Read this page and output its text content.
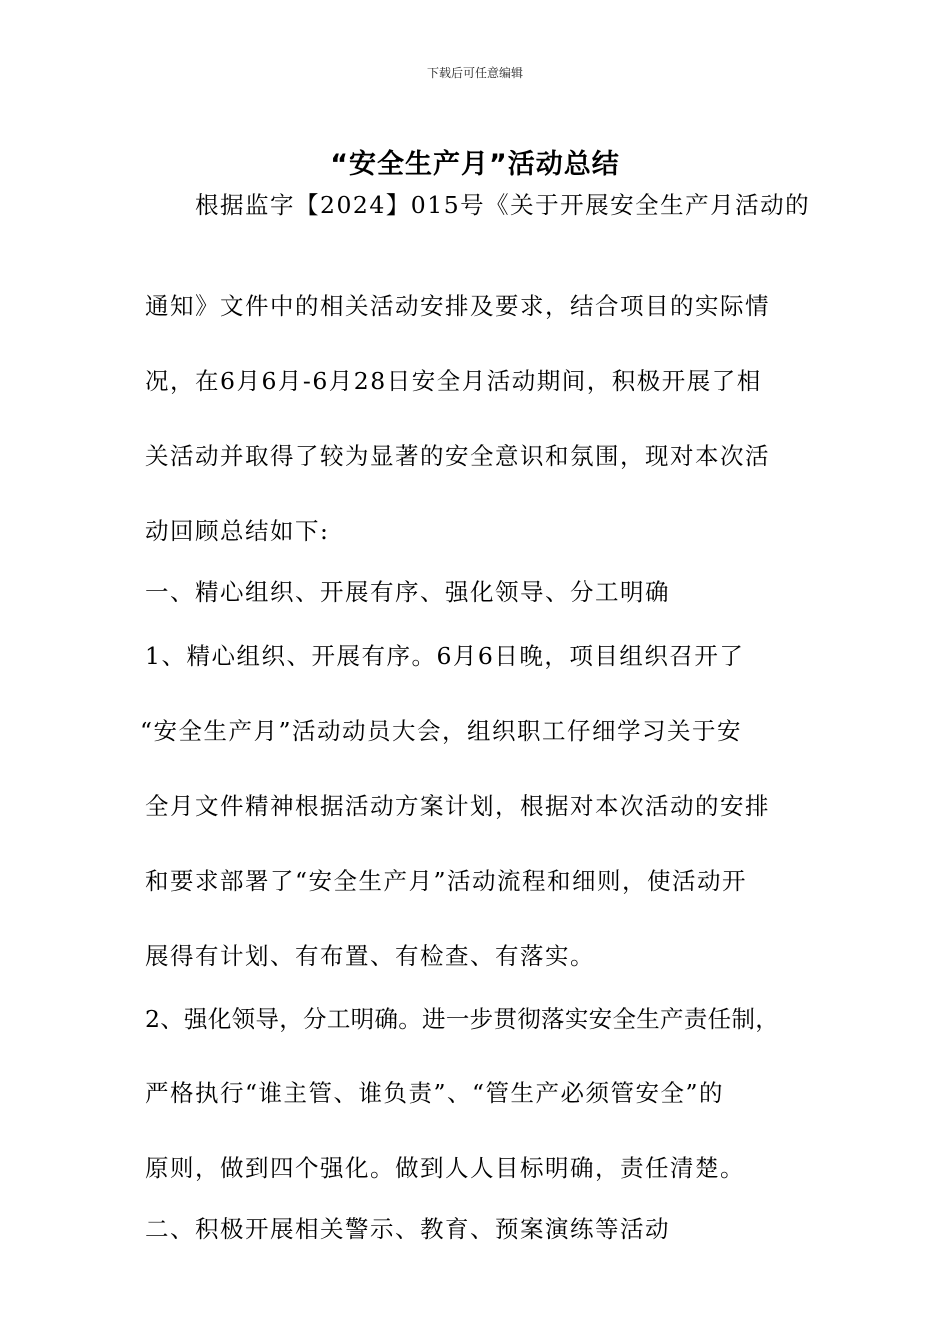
下载后可任意编辑
“安全生产月”活动总结
根据监字【2024】015号《关于开展安全生产月活动的
通知》文件中的相关活动安排及要求，结合项目的实际情
况，在6月6月-6月28日安全月活动期间，积极开展了相
关活动并取得了较为显著的安全意识和氛围，现对本次活
动回顾总结如下:
一、精心组织、开展有序、强化领导、分工明确
1、精心组织、开展有序。6月6日晚，项目组织召开了
“安全生产月”活动动员大会，组织职工仔细学习关于安
全月文件精神根据活动方案计划，根据对本次活动的安排
和要求部署了“安全生产月”活动流程和细则，使活动开
展得有计划、有布置、有检查、有落实。
2、强化领导，分工明确。进一步贯彻落实安全生产责任制，
严格执行“谁主管、谁负责”、“管生产必须管安全”的
原则，做到四个强化。做到人人目标明确，责任清楚。
二、积极开展相关警示、教育、预案演练等活动
